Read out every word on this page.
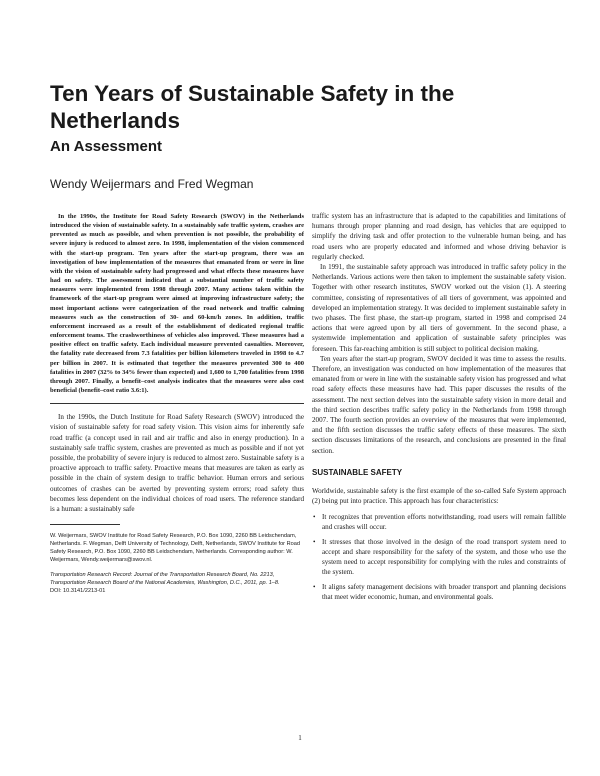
Ten Years of Sustainable Safety in the Netherlands
An Assessment

Wendy Weijermars and Fred Wegman

In the 1990s, the Institute for Road Safety Research (SWOV) in the Netherlands introduced the vision of sustainable safety. In a sustainably safe traffic system, crashes are prevented as much as possible, and when prevention is not possible, the probability of severe injury is reduced to almost zero. In 1998, implementation of the vision commenced with the start-up program. Ten years after the start-up program, there was an investigation of how implementation of the measures that emanated from or were in line with the vision of sustainable safety had progressed and what effects these measures have had on safety. The assessment indicated that a substantial number of traffic safety measures were implemented from 1998 through 2007. Many actions taken within the framework of the start-up program were aimed at improving infrastructure safety; the most important actions were categorization of the road network and traffic calming measures such as the construction of 30- and 60-km/h zones. In addition, traffic enforcement increased as a result of the establishment of dedicated regional traffic enforcement teams. The crashworthiness of vehicles also improved. These measures had a positive effect on traffic safety. Each individual measure prevented casualties. Moreover, the fatality rate decreased from 7.3 fatalities per billion kilometers traveled in 1998 to 4.7 per billion in 2007. It is estimated that together the measures prevented 300 to 400 fatalities in 2007 (32% to 34% fewer than expected) and 1,600 to 1,700 fatalities from 1998 through 2007. Finally, a benefit–cost analysis indicates that the measures were also cost beneficial (benefit–cost ratio 3.6:1).

In the 1990s, the Dutch Institute for Road Safety Research (SWOV) introduced the vision of sustainable safety for road safety vision. This vision aims for inherently safe road traffic (a concept used in rail and air traffic and also in energy production). In a sustainably safe traffic system, crashes are prevented as much as possible and if not yet possible, the probability of severe injury is reduced to almost zero. Sustainable safety is a proactive approach to traffic safety. Proactive means that measures are taken as early as possible in the chain of system design to traffic behavior. Human errors and serious outcomes of crashes can be averted by preventing system errors; road safety thus becomes less dependent on the individual choices of road users. The reference standard is a human: a sustainably safe

W. Weijermars, SWOV Institute for Road Safety Research, P.O. Box 1090, 2260 BB Leidschendam, Netherlands. F. Wegman, Delft University of Technology, Delft, Netherlands, SWOV Institute for Road Safety Research, P.O. Box 1090, 2260 BB Leidschendam, Netherlands. Corresponding author: W. Weijermars, Wendy.weijermars@swov.nl.

Transportation Research Record: Journal of the Transportation Research Board, No. 2213, Transportation Research Board of the National Academies, Washington, D.C., 2011, pp. 1–8.

DOI: 10.3141/2213-01

traffic system has an infrastructure that is adapted to the capabilities and limitations of humans through proper planning and road design, has vehicles that are equipped to simplify the driving task and offer protection to the vulnerable human being, and has road users who are properly educated and informed and whose driving behavior is regularly checked.

In 1991, the sustainable safety approach was introduced in traffic safety policy in the Netherlands. Various actions were then taken to implement the sustainable safety vision. Together with other research institutes, SWOV worked out the vision (1). A steering committee, consisting of representatives of all tiers of government, was appointed and developed an implementation strategy. It was decided to implement sustainable safety in two phases. The first phase, the start-up program, started in 1998 and comprised 24 actions that were agreed upon by all tiers of government. In the second phase, a systemwide implementation and application of sustainable safety principles was foreseen. This far-reaching ambition is still subject to political decision making.

Ten years after the start-up program, SWOV decided it was time to assess the results. Therefore, an investigation was conducted on how implementation of the measures that emanated from or were in line with the sustainable safety vision has progressed and what road safety effects these measures have had. This paper discusses the results of the assessment. The next section delves into the sustainable safety vision in more detail and the third section describes traffic safety policy in the Netherlands from 1998 through 2007. The fourth section provides an overview of the measures that were implemented, and the fifth section discusses the traffic safety effects of these measures. The sixth section discusses limitations of the research, and conclusions are presented in the final section.

SUSTAINABLE SAFETY

Worldwide, sustainable safety is the first example of the so-called Safe System approach (2) being put into practice. This approach has four characteristics:

• It recognizes that prevention efforts notwithstanding, road users will remain fallible and crashes will occur.
• It stresses that those involved in the design of the road transport system need to accept and share responsibility for the safety of the system, and those who use the system need to accept responsibility for complying with the rules and constraints of the system.
• It aligns safety management decisions with broader transport and planning decisions that meet wider economic, human, and environmental goals.
1
